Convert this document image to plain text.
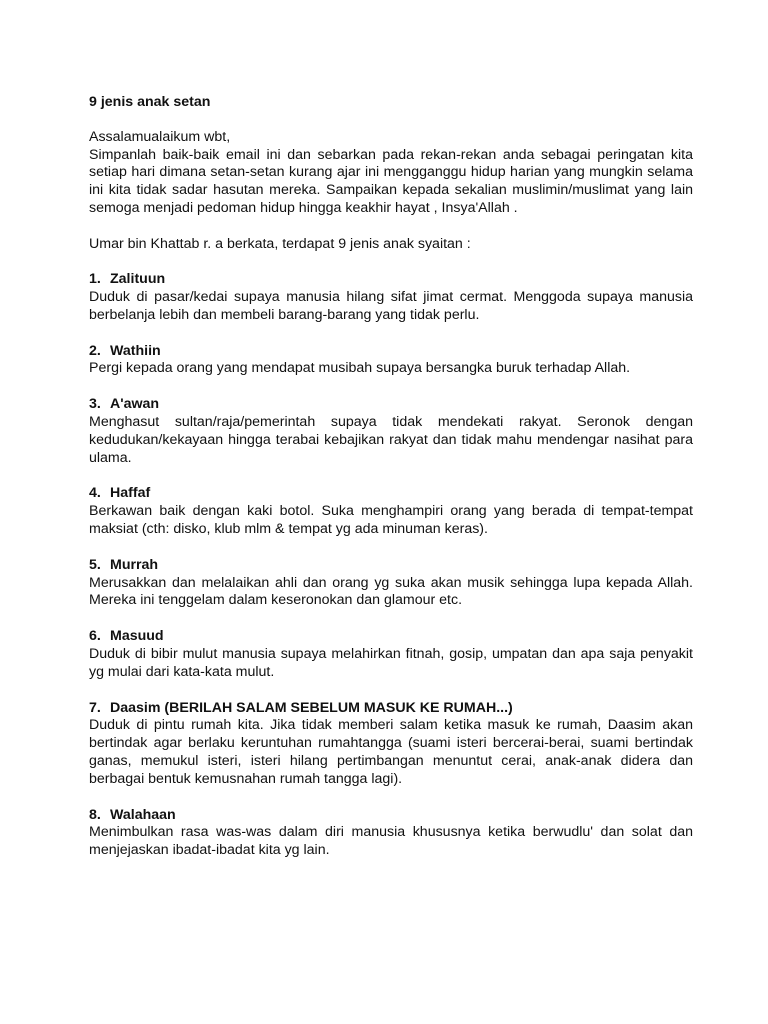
9 jenis anak setan

Assalamualaikum wbt,

Simpanlah baik-baik email ini dan sebarkan pada rekan-rekan anda sebagai peringatan kita setiap hari dimana setan-setan kurang ajar ini mengganggu hidup harian yang mungkin selama ini kita tidak sadar hasutan mereka. Sampaikan kepada sekalian muslimin/muslimat yang lain semoga menjadi pedoman hidup hingga keakhir hayat , Insya'Allah .

Umar bin Khattab r. a berkata, terdapat 9 jenis anak syaitan :

1. Zalituun

Duduk di pasar/kedai supaya manusia hilang sifat jimat cermat. Menggoda supaya manusia berbelanja lebih dan membeli barang-barang yang tidak perlu.

2. Wathiin

Pergi kepada orang yang mendapat musibah supaya bersangka buruk terhadap Allah.

3. A'awan

Menghasut sultan/raja/pemerintah supaya tidak mendekati rakyat. Seronok dengan kedudukan/kekayaan hingga terabai kebajikan rakyat dan tidak mahu mendengar nasihat para ulama.

4. Haffaf

Berkawan baik dengan kaki botol. Suka menghampiri orang yang berada di tempat-tempat maksiat (cth: disko, klub mlm & tempat yg ada minuman keras).

5. Murrah

Merusakkan dan melalaikan ahli dan orang yg suka akan musik sehingga lupa kepada Allah. Mereka ini tenggelam dalam keseronokan dan glamour etc.

6. Masuud

Duduk di bibir mulut manusia supaya melahirkan fitnah, gosip, umpatan dan apa saja penyakit yg mulai dari kata-kata mulut.

7. Daasim (BERILAH SALAM SEBELUM MASUK KE RUMAH...)

Duduk di pintu rumah kita. Jika tidak memberi salam ketika masuk ke rumah, Daasim akan bertindak agar berlaku keruntuhan rumahtangga (suami isteri bercerai-berai, suami bertindak ganas, memukul isteri, isteri hilang pertimbangan menuntut cerai, anak-anak didera dan berbagai bentuk kemusnahan rumah tangga lagi).

8. Walahaan

Menimbulkan rasa was-was dalam diri manusia khususnya ketika berwudlu' dan solat dan menjejaskan ibadat-ibadat kita yg lain.
